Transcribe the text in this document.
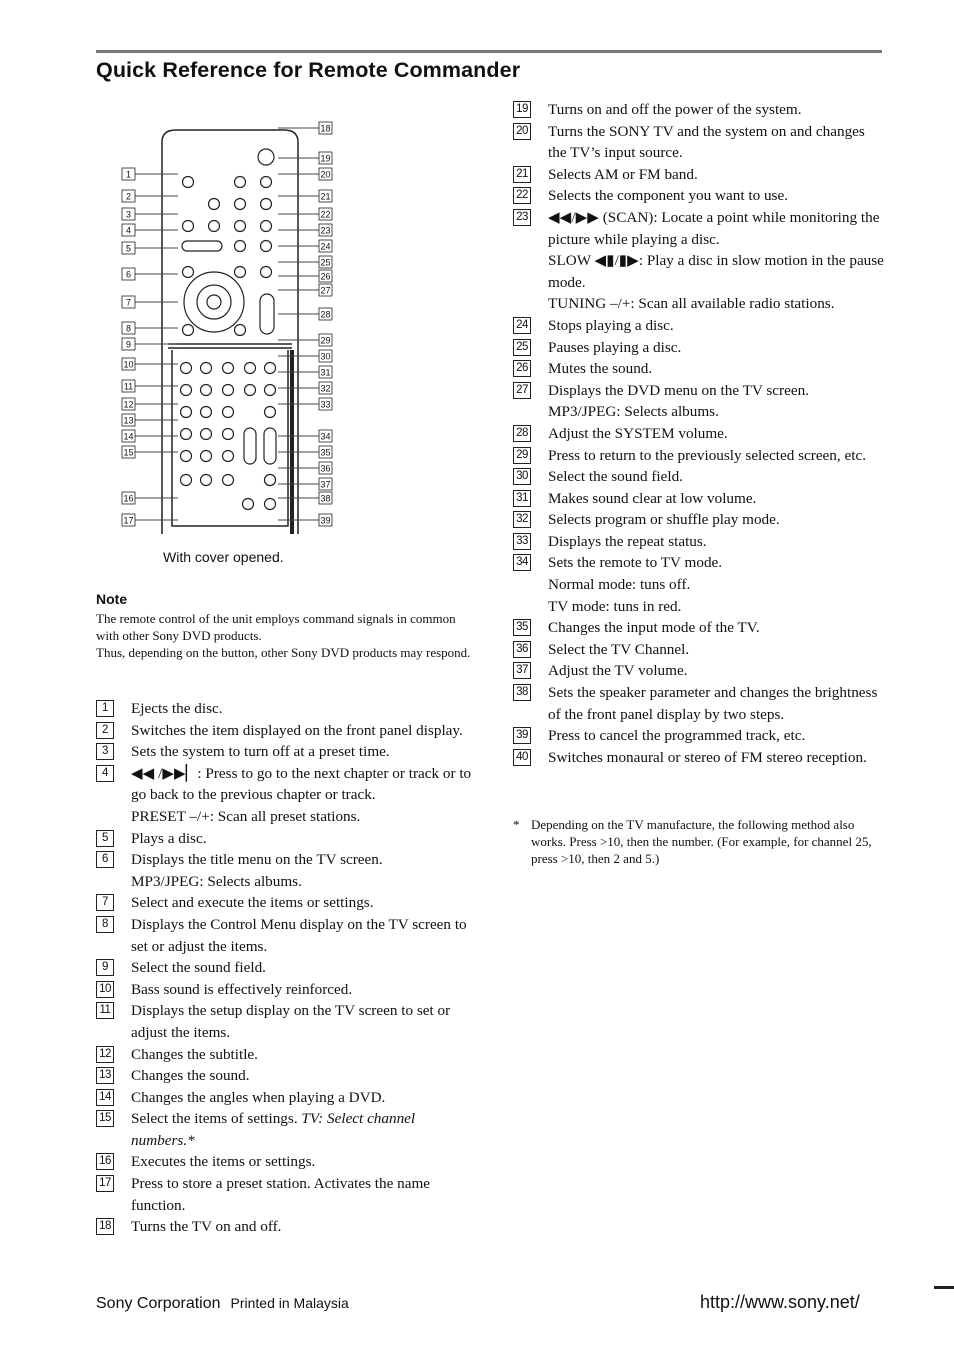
Quick Reference for Remote Commander
1
2
3
4
5
6
7
8
9
10
11
12
13
14
15
16
17
18
19
20
21
22
23
24
25
26
27
28
29
30
31
32
33
34
35
36
37
38
39
With cover opened.
Note
The remote control of the unit employs command signals in common with other Sony DVD products.
Thus, depending on the button, other Sony DVD products may respond.
1	Ejects the disc.
2	Switches the item displayed on the front panel display.
3	Sets the system to turn off at a preset time.
4	◀◀ /▶▶▏: Press to go to the next chapter or track or to go back to the previous chapter or track.
PRESET –/+: Scan all preset stations.
5	Plays a disc.
6	Displays the title menu on the TV screen.
MP3/JPEG: Selects albums.
7	Select and execute the items or settings.
8	Displays the Control Menu display on the TV screen to set or adjust the items.
9	Select the sound field.
10 Bass sound is effectively reinforced.
11 Displays the setup display on the TV screen to set or adjust the items.
12 Changes the subtitle.
13 Changes the sound.
14 Changes the angles when playing a DVD.
15 Select the items of settings. TV: Select channel numbers.*
16 Executes the items or settings.
17 Press to store a preset station. Activates the name function.
18 Turns the TV on and off.
19 Turns on and off the power of the system.
20 Turns the SONY TV and the system on and changes the TV’s input source.
21 Selects AM or FM band.
22 Selects the component you want to use.
23 ◀◀/▶▶ (SCAN): Locate a point while monitoring the picture while playing a disc.
SLOW ◀▮/▮▶: Play a disc in slow motion in the pause mode.
TUNING –/+: Scan all available radio stations.
24 Stops playing a disc.
25 Pauses playing a disc.
26 Mutes the sound.
27 Displays the DVD menu on the TV screen.
MP3/JPEG: Selects albums.
28 Adjust the SYSTEM volume.
29 Press to return to the previously selected screen, etc.
30 Select the sound field.
31 Makes sound clear at low volume.
32 Selects program or shuffle play mode.
33 Displays the repeat status.
34 Sets the remote to TV mode.
Normal mode: tuns off.
TV mode: tuns in red.
35 Changes the input mode of the TV.
36 Select the TV Channel.
37 Adjust the TV volume.
38 Sets the speaker parameter and changes the brightness of the front panel display by two steps.
39 Press to cancel the programmed track, etc.
40 Switches monaural or stereo of FM stereo reception.
* Depending on the TV manufacture, the following method also works. Press >10, then the number. (For example, for channel 25, press >10, then 2 and 5.)
Sony Corporation Printed in Malaysia	http://www.sony.net/
